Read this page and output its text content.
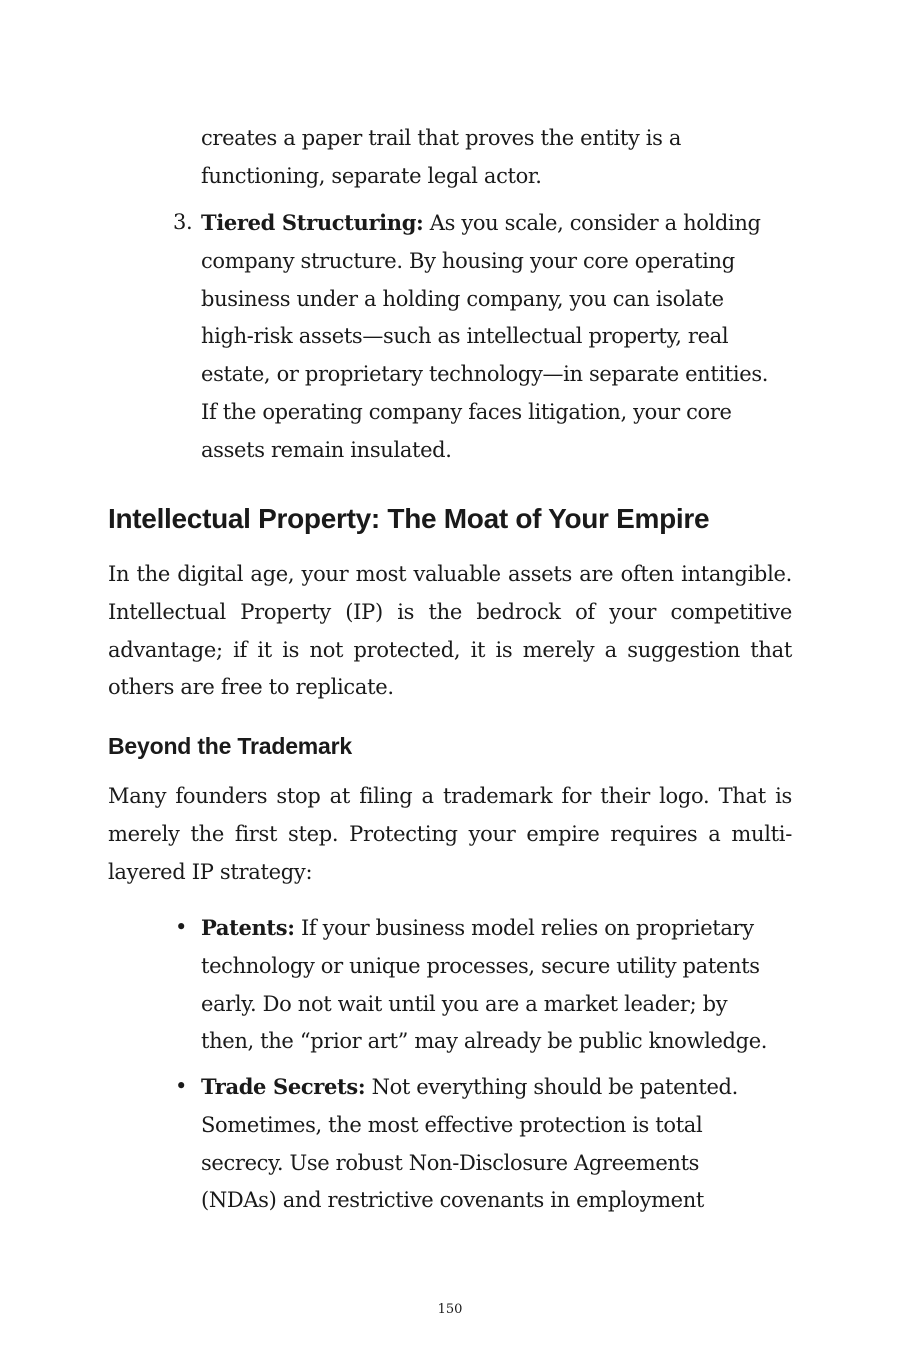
creates a paper trail that proves the entity is a
functioning, separate legal actor.
3. Tiered Structuring: As you scale, consider a holding
company structure. By housing your core operating
business under a holding company, you can isolate
high-risk assets—such as intellectual property, real
estate, or proprietary technology—in separate entities.
If the operating company faces litigation, your core
assets remain insulated.
Intellectual Property: The Moat of Your Empire
In the digital age, your most valuable assets are often intangible.
Intellectual Property (IP) is the bedrock of your competitive
advantage; if it is not protected, it is merely a suggestion that
others are free to replicate.
Beyond the Trademark
Many founders stop at filing a trademark for their logo. That is
merely the first step. Protecting your empire requires a multi-
layered IP strategy:
• Patents: If your business model relies on proprietary
technology or unique processes, secure utility patents
early. Do not wait until you are a market leader; by
then, the “prior art” may already be public knowledge.
• Trade Secrets: Not everything should be patented.
Sometimes, the most effective protection is total
secrecy. Use robust Non-Disclosure Agreements
(NDAs) and restrictive covenants in employment
150
